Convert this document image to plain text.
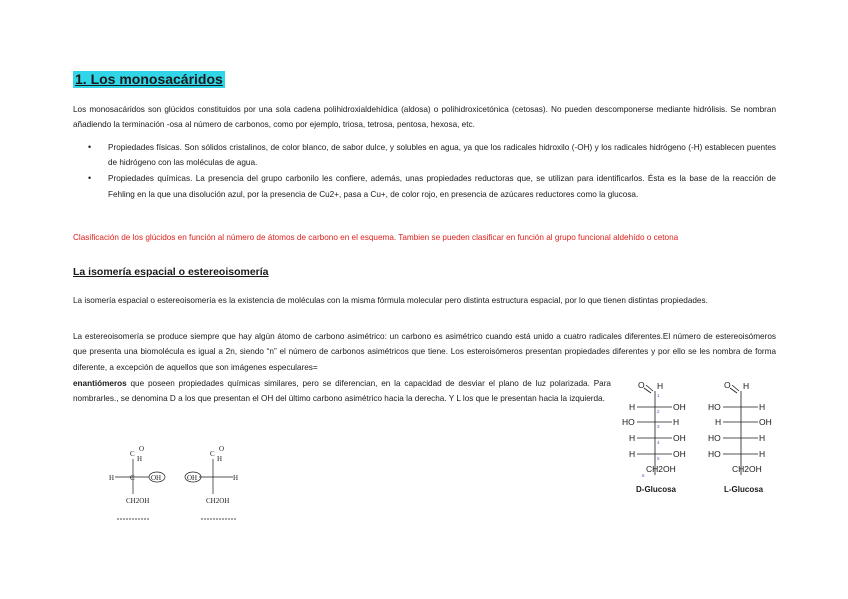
1. Los monosacáridos
Los monosacáridos son glúcidos constituidos por una sola cadena polihidroxialdehídica (aldosa) o polihidroxicetónica (cetosas). No pueden descomponerse mediante hidrólisis. Se nombran añadiendo la terminación -osa al número de carbonos, como por ejemplo, triosa, tetrosa, pentosa, hexosa, etc.
• Propiedades físicas. Son sólidos cristalinos, de color blanco, de sabor dulce, y solubles en agua, ya que los radicales hidroxilo (-OH) y los radicales hidrógeno (-H) establecen puentes de hidrógeno con las moléculas de agua.
• Propiedades químicas. La presencia del grupo carbonilo les confiere, además, unas propiedades reductoras que, se utilizan para identificarlos. Ésta es la base de la reacción de Fehling en la que una disolución azul, por la presencia de Cu2+, pasa a Cu+, de color rojo, en presencia de azúcares reductores como la glucosa.
Clasificación de los glúcidos en función al número de átomos de carbono en el esquema. Tambien se pueden clasificar en función al grupo funcional aldehído o cetona
La isomería espacial o estereoisomería
La isomería espacial o estereoisomería es la existencia de moléculas con la misma fórmula molecular pero distinta estructura espacial, por lo que tienen distintas propiedades.
La estereoisomería se produce siempre que hay algún átomo de carbono asimétrico: un carbono es asimétrico cuando está unido a cuatro radicales diferentes.El número de estereoisómeros que presenta una biomolécula es igual a 2n, siendo “n” el número de carbonos asimétricos que tiene. Los esteroisómeros presentan propiedades diferentes y por ello se les nombra de forma diferente, a excepción de aquellos que son imágenes especulares=
enantiómeros que poseen propiedades químicas similares, pero se diferencian, en la capacidad de desviar el plano de luz polarizada. Para nombrarles., se denomina D a los que presentan el OH del último carbono asimétrico hacia la derecha. Y L los que le presentan hacia la izquierda.
O H
H	OH
HO	H
H	OH
H	OH
CH2OH
1
2
3
4
5
6
D-Glucosa
O H
HO	H
H	OH
HO	H
HO	H
CH2OH
L-Glucosa
C
O
H
H C OH
CH2OH
OH
C
O
H
H
CH2OH
